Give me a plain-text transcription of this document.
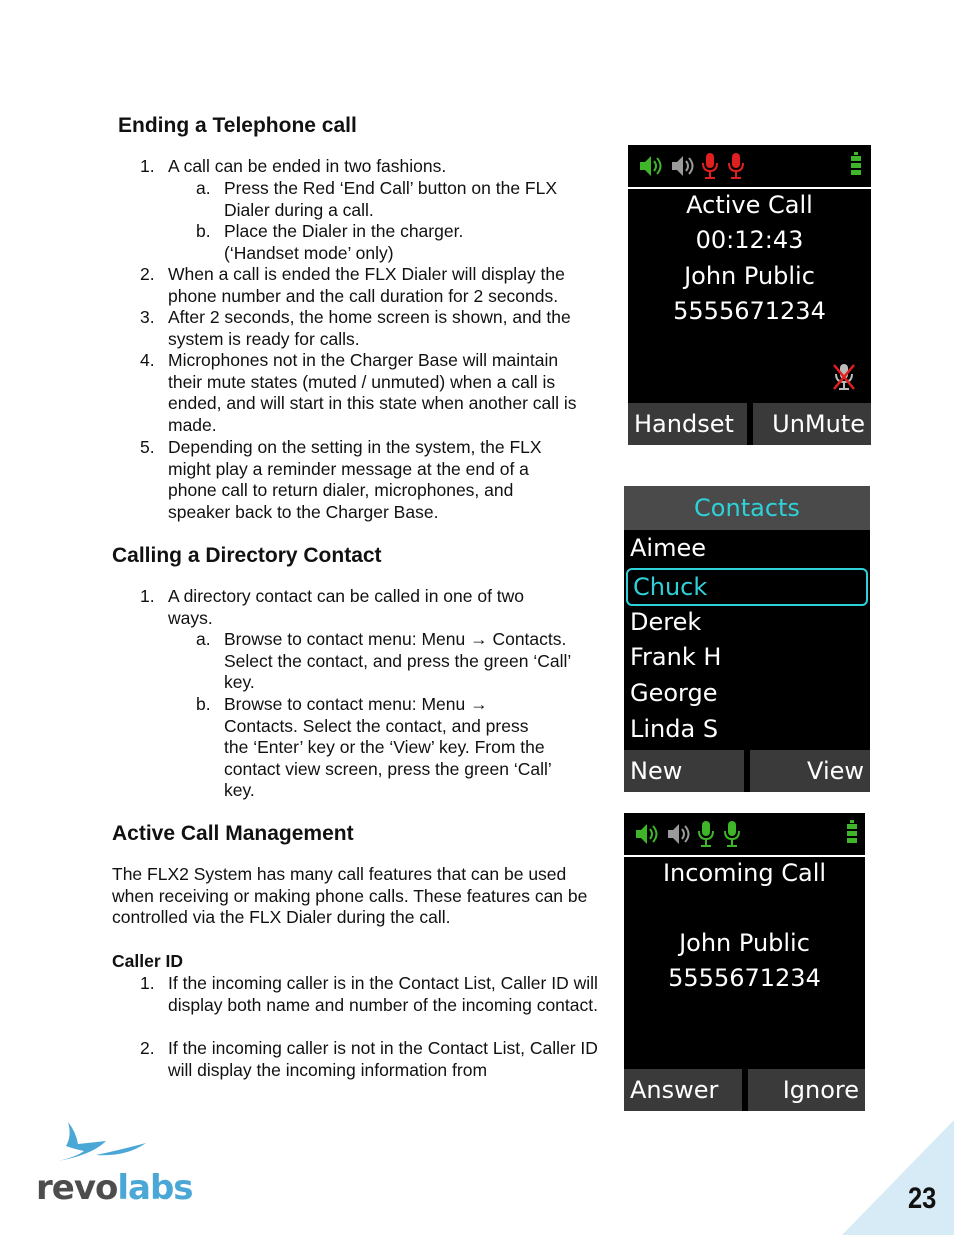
Ending a Telephone call
1. A call can be ended in two fashions.
a. Press the Red ‘End Call’ button on the FLX Dialer during a call.
b. Place the Dialer in the charger. (‘Handset mode’ only)
2. When a call is ended the FLX Dialer will display the phone number and the call duration for 2 seconds.
3. After 2 seconds, the home screen is shown, and the system is ready for calls.
4. Microphones not in the Charger Base will maintain their mute states (muted / unmuted) when a call is ended, and will start in this state when another call is made.
5. Depending on the setting in the system, the FLX might play a reminder message at the end of a phone call to return dialer, microphones, and speaker back to the Charger Base.
Calling a Directory Contact
1. A directory contact can be called in one of two ways.
a. Browse to contact menu: Menu → Contacts. Select the contact, and press the green ‘Call’ key.
b. Browse to contact menu: Menu → Contacts. Select the contact, and press the ‘Enter’ key or the ‘View’ key. From the contact view screen, press the green ‘Call’ key.
Active Call Management
The FLX2 System has many call features that can be used when receiving or making phone calls. These features can be controlled via the FLX Dialer during the call.
Caller ID
1. If the incoming caller is in the Contact List, Caller ID will display both name and number of the incoming contact.
2. If the incoming caller is not in the Contact List, Caller ID will display the incoming information from
Active Call
00:12:43
John Public
5555671234
Handset	UnMute
Contacts
Aimee
Chuck
Derek
Frank H
George
Linda S
New	View
Incoming Call
John Public
5555671234
Answer	Ignore
revolabs	23
